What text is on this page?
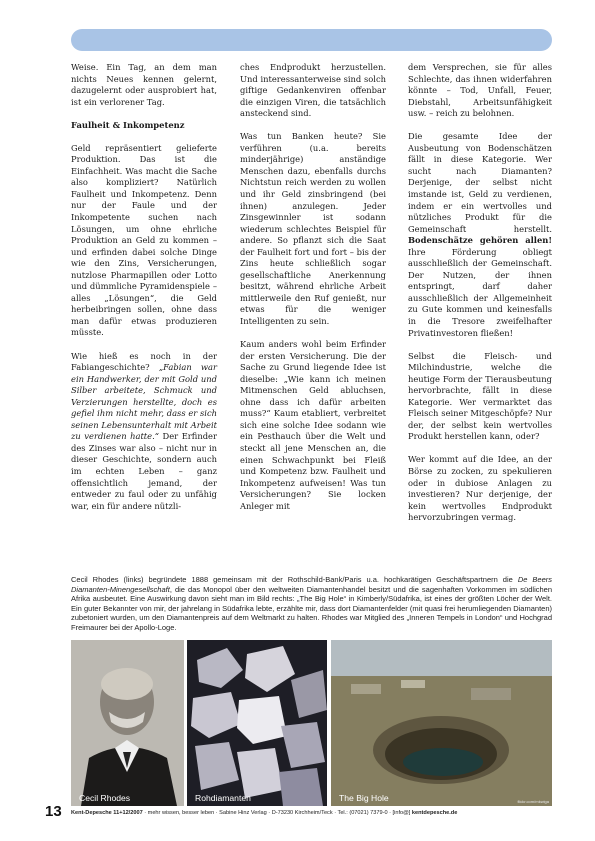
Weise. Ein Tag, an dem man nichts Neues kennen gelernt, dazugelernt oder ausprobiert hat, ist ein verlorener Tag.

Faulheit & Inkompetenz

Geld repräsentiert gelieferte Produktion. Das ist die Einfachheit. Was macht die Sache also kompliziert? Natürlich Faulheit und Inkompetenz. Denn nur der Faule und der Inkompetente suchen nach Lösungen, um ohne ehrliche Produktion an Geld zu kommen – und erfinden dabei solche Dinge wie den Zins, Versicherungen, nutzlose Pharmapillen oder Lotto und dümmliche Pyramidenspiele – alles „Lösungen“, die Geld herbeibringen sollen, ohne dass man dafür etwas produzieren müsste.

Wie hieß es noch in der Fabiangeschichte? „Fabian war ein Handwerker, der mit Gold und Silber arbeitete, Schmuck und Verzierungen herstellte, doch es gefiel ihm nicht mehr, dass er sich seinen Lebensunterhalt mit Arbeit zu verdienen hatte.“ Der Erfinder des Zinses war also – nicht nur in dieser Geschichte, sondern auch im echten Leben – ganz offensichtlich jemand, der entweder zu faul oder zu unfähig war, ein für andere nützli-

ches Endprodukt herzustellen. Und interessanterweise sind solch giftige Gedankenviren offenbar die einzigen Viren, die tatsächlich ansteckend sind.

Was tun Banken heute? Sie verführen (u.a. bereits minderjährige) anständige Menschen dazu, ebenfalls durchs Nichtstun reich werden zu wollen und ihr Geld zinsbringend (bei ihnen) anzulegen. Jeder Zinsgewinnler ist sodann wiederum schlechtes Beispiel für andere. So pflanzt sich die Saat der Faulheit fort und fort – bis der Zins heute schließlich sogar gesellschaftliche Anerkennung besitzt, während ehrliche Arbeit mittlerweile den Ruf genießt, nur etwas für die weniger Intelligenten zu sein.

Kaum anders wohl beim Erfinder der ersten Versicherung. Die der Sache zu Grund liegende Idee ist dieselbe: „Wie kann ich meinen Mitmenschen Geld abluchsen, ohne dass ich dafür arbeiten muss?“ Kaum etabliert, verbreitet sich eine solche Idee sodann wie ein Pesthauch über die Welt und steckt all jene Menschen an, die einen Schwachpunkt bei Fleiß und Kompetenz bzw. Faulheit und Inkompetenz aufweisen! Was tun Versicherungen? Sie locken Anleger mit

dem Versprechen, sie für alles Schlechte, das ihnen widerfahren könnte – Tod, Unfall, Feuer, Diebstahl, Arbeitsunfähigkeit usw. – reich zu belohnen.

Die gesamte Idee der Ausbeutung von Bodenschätzen fällt in diese Kategorie. Wer sucht nach Diamanten? Derjenige, der selbst nicht imstande ist, Geld zu verdienen, indem er ein wertvolles und nützliches Produkt für die Gemeinschaft herstellt. Bodenschätze gehören allen! Ihre Förderung obliegt ausschließlich der Gemeinschaft. Der Nutzen, der ihnen entspringt, darf daher ausschließlich der Allgemeinheit zu Gute kommen und keinesfalls in die Tresore zweifelhafter Privatinvestoren fließen!

Selbst die Fleisch- und Milchindustrie, welche die heutige Form der Tierausbeutung hervorbrachte, fällt in diese Kategorie. Wer vermarktet das Fleisch seiner Mitgeschöpfe? Nur der, der selbst kein wertvolles Produkt herstellen kann, oder?

Wer kommt auf die Idee, an der Börse zu zocken, zu spekulieren oder in dubiose Anlagen zu investieren? Nur derjenige, der kein wertvolles Endprodukt hervorzubringen vermag.

Cecil Rhodes (links) begründete 1888 gemeinsam mit der Rothschild-Bank/Paris u.a. hochkarätigen Geschäftspartnern die De Beers Diamanten-Minengesellschaft, die das Monopol über den weltweiten Diamantenhandel besitzt und die sagenhaften Vorkommen im südlichen Afrika ausbeutet. Eine Auswirkung davon sieht man im Bild rechts: „The Big Hole“ in Kimberly/Südafrika, ist eines der größten Löcher der Welt. Ein guter Bekannter von mir, der jahrelang in Südafrika lebte, erzählte mir, dass dort Diamantenfelder (mit quasi frei herumliegenden Diamanten) zubetoniert wurden, um den Diamantenpreis auf dem Weltmarkt zu halten. Rhodes war Mitglied des „Inneren Tempels in London“ und Hochgrad Freimaurer bei der Apollo-Loge.
Cecil Rhodes	Rohdiamanten	The Big Hole	flickr.com/rnkwiga
13 Kent-Depesche 11+12/2007 · mehr wissen, besser leben · Sabine Hinz Verlag · D-73230 Kirchheim/Teck · Tel.: (07021) 7379-0 · [info@] kentdepesche.de
